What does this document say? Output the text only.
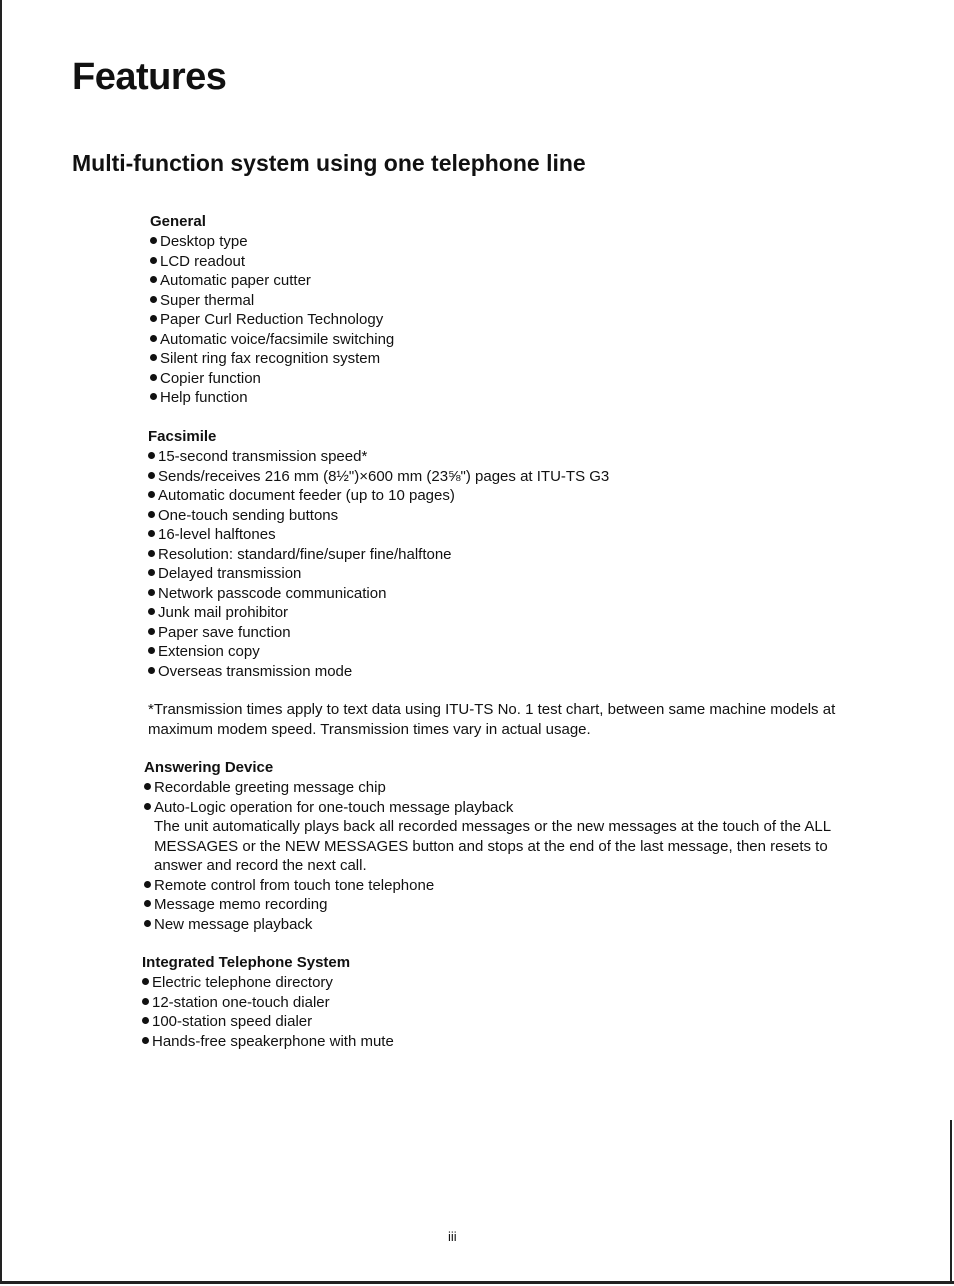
Features
Multi-function system using one telephone line
General
Desktop type
LCD readout
Automatic paper cutter
Super thermal
Paper Curl Reduction Technology
Automatic voice/facsimile switching
Silent ring fax recognition system
Copier function
Help function
Facsimile
15-second transmission speed*
Sends/receives 216 mm (8½")×600 mm (23⅝") pages at ITU-TS G3
Automatic document feeder (up to 10 pages)
One-touch sending buttons
16-level halftones
Resolution: standard/fine/super fine/halftone
Delayed transmission
Network passcode communication
Junk mail prohibitor
Paper save function
Extension copy
Overseas transmission mode

*Transmission times apply to text data using ITU-TS No. 1 test chart, between same machine models at maximum modem speed. Transmission times vary in actual usage.

Answering Device
Recordable greeting message chip
Auto-Logic operation for one-touch message playback

The unit automatically plays back all recorded messages or the new messages at the touch of the ALL MESSAGES or the NEW MESSAGES button and stops at the end of the last message, then resets to answer and record the next call.

Remote control from touch tone telephone
Message memo recording
New message playback
Integrated Telephone System
Electric telephone directory
12-station one-touch dialer
100-station speed dialer
Hands-free speakerphone with mute
iii
